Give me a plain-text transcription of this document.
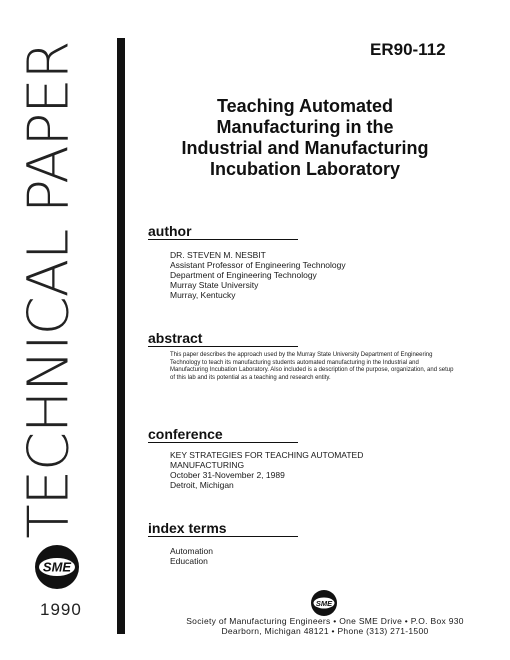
TECHNICAL PAPER
SME
1990
ER90-112
Teaching Automated
Manufacturing in the
Industrial and Manufacturing
Incubation Laboratory
author
DR. STEVEN M. NESBIT
Assistant Professor of Engineering Technology
Department of Engineering Technology
Murray State University
Murray, Kentucky
abstract
This paper describes the approach used by the Murray State University Department of Engineering Technology to teach its manufacturing students automated manufacturing in the Industrial and Manufacturing Incubation Laboratory. Also included is a description of the purpose, organization, and setup of this lab and its potential as a teaching and research entity.
conference
KEY STRATEGIES FOR TEACHING AUTOMATED
MANUFACTURING
October 31-November 2, 1989
Detroit, Michigan
index terms
Automation
Education
SME
Society of Manufacturing Engineers • One SME Drive • P.O. Box 930
Dearborn, Michigan 48121 • Phone (313) 271-1500
